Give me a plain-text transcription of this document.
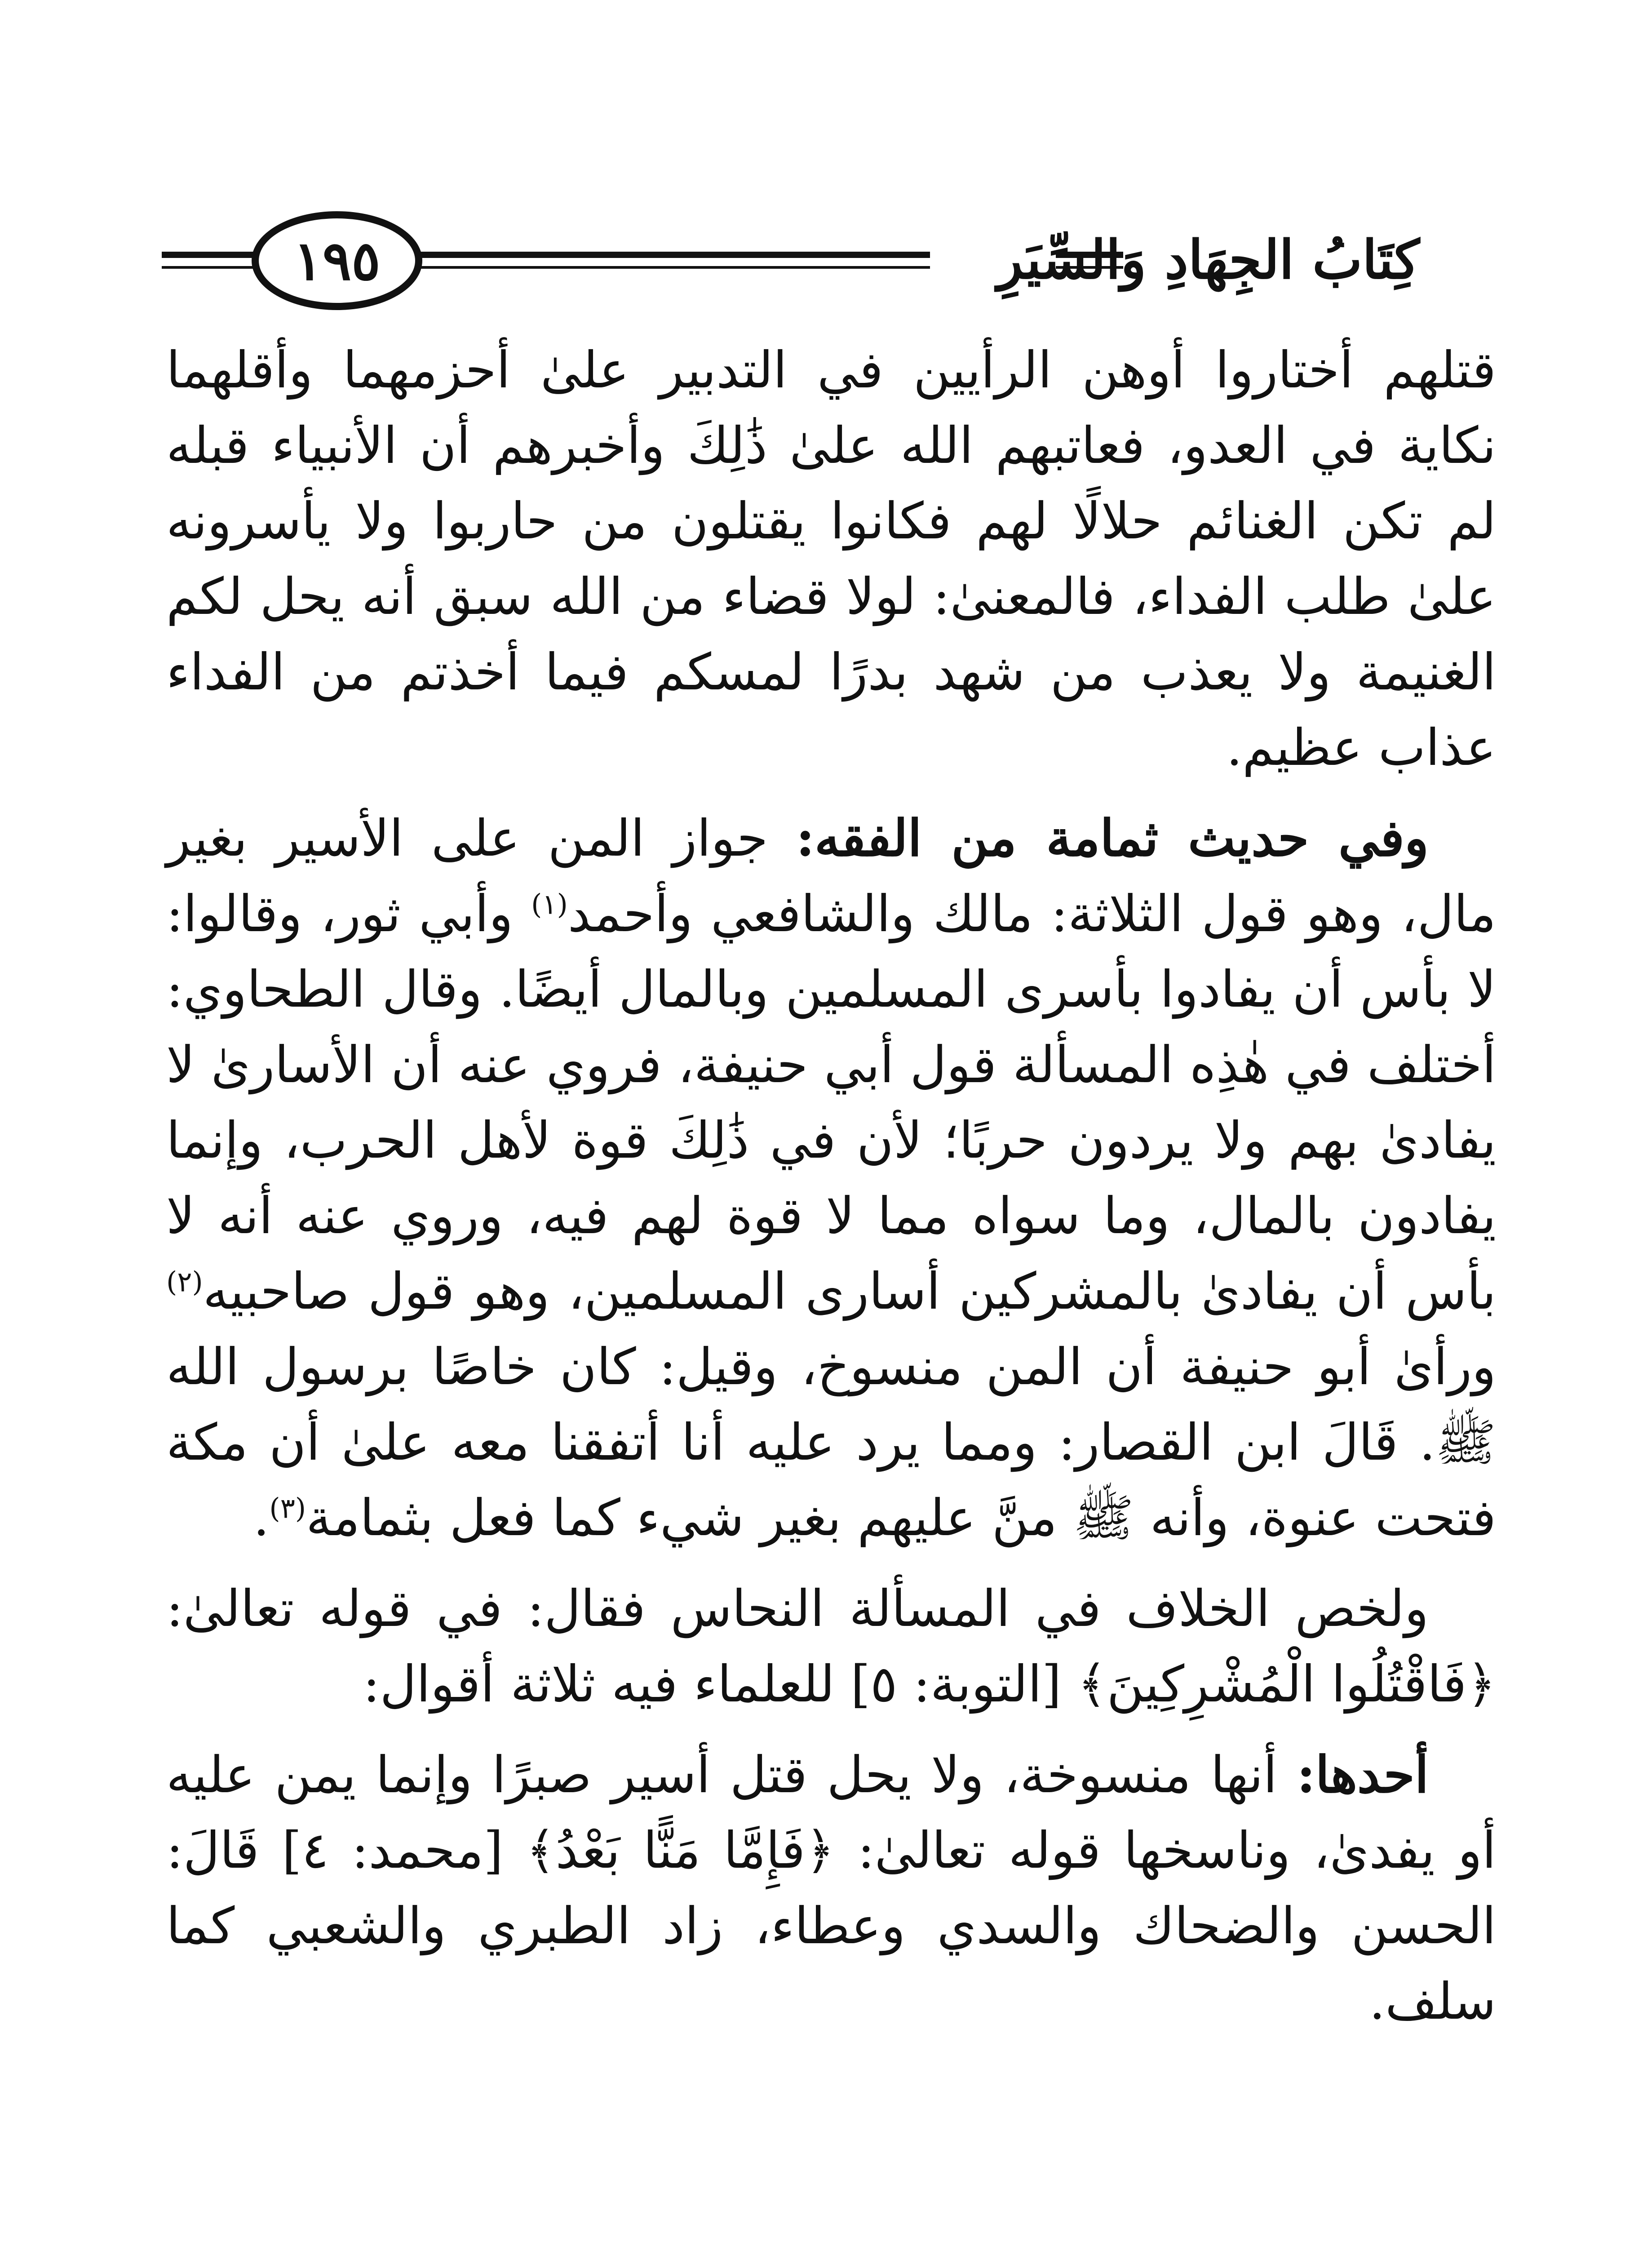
كِتَابُ الجِهَادِ وَالسِّيَرِ
١٩٥

قتلهم أختاروا أوهن الرأيين في التدبير علىٰ أحزمهما وأقلهما نكاية في العدو، فعاتبهم الله علىٰ ذَٰلِكَ وأخبرهم أن الأنبياء قبله لم تكن الغنائم حلالًا لهم فكانوا يقتلون من حاربوا ولا يأسرونه علىٰ طلب الفداء، فالمعنىٰ: لولا قضاء من الله سبق أنه يحل لكم الغنيمة ولا يعذب من شهد بدرًا لمسكم فيما أخذتم من الفداء عذاب عظيم.

وفي حديث ثمامة من الفقه: جواز المن على الأسير بغير مال، وهو قول الثلاثة: مالك والشافعي وأحمد$^{(١)}$ وأبي ثور، وقالوا: لا بأس أن يفادوا بأسرى المسلمين وبالمال أيضًا. وقال الطحاوي: أختلف في هٰذِه المسألة قول أبي حنيفة، فروي عنه أن الأسارىٰ لا يفادىٰ بهم ولا يردون حربًا؛ لأن في ذَٰلِكَ قوة لأهل الحرب، وإنما يفادون بالمال، وما سواه مما لا قوة لهم فيه، وروي عنه أنه لا بأس أن يفادىٰ بالمشركين أسارى المسلمين، وهو قول صاحبيه$^{(٢)}$ ورأىٰ أبو حنيفة أن المن منسوخ، وقيل: كان خاصًا برسول الله ﷺ. قَالَ ابن القصار: ومما يرد عليه أنا أتفقنا معه علىٰ أن مكة فتحت عنوة، وأنه ﷺ منَّ عليهم بغير شيء كما فعل بثمامة$^{(٣)}$.

ولخص الخلاف في المسألة النحاس فقال: في قوله تعالىٰ: ﴿فَاقْتُلُوا الْمُشْرِكِينَ﴾ [التوبة: ٥] للعلماء فيه ثلاثة أقوال:

أحدها: أنها منسوخة، ولا يحل قتل أسير صبرًا وإنما يمن عليه أو يفدىٰ، وناسخها قوله تعالىٰ: ﴿فَإِمَّا مَنًّا بَعْدُ﴾ [محمد: ٤] قَالَ: الحسن والضحاك والسدي وعطاء، زاد الطبري والشعبي كما سلف.
